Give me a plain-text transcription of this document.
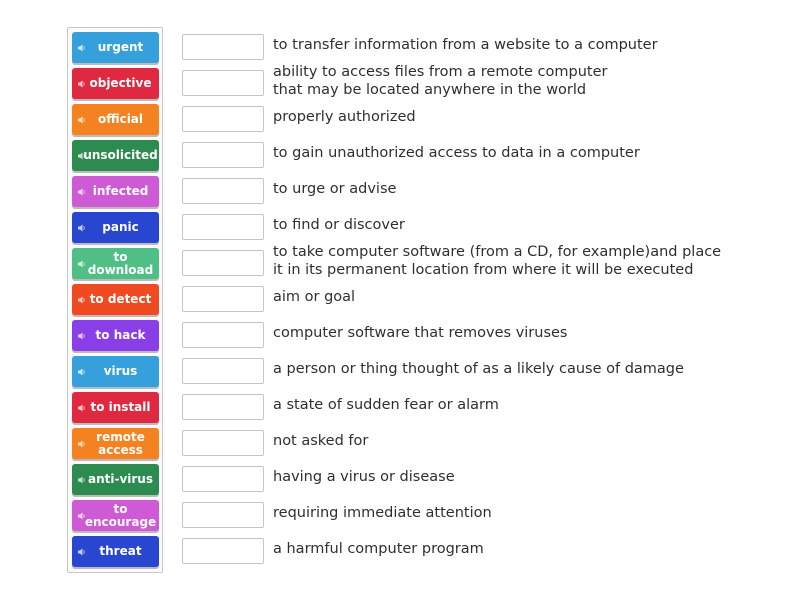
urgent
objective
official
unsolicited
infected
panic
to download
to detect
to hack
virus
to install
remote access
anti-virus
to encourage
threat
to transfer information from a website to a computer
ability to access files from a remote computer
that may be located anywhere in the world
properly authorized
to gain unauthorized access to data in a computer
to urge or advise
to find or discover
to take computer software (from a CD, for example)and place
it in its permanent location from where it will be executed
aim or goal
computer software that removes viruses
a person or thing thought of as a likely cause of damage
a state of sudden fear or alarm
not asked for
having a virus or disease
requiring immediate attention
a harmful computer program
